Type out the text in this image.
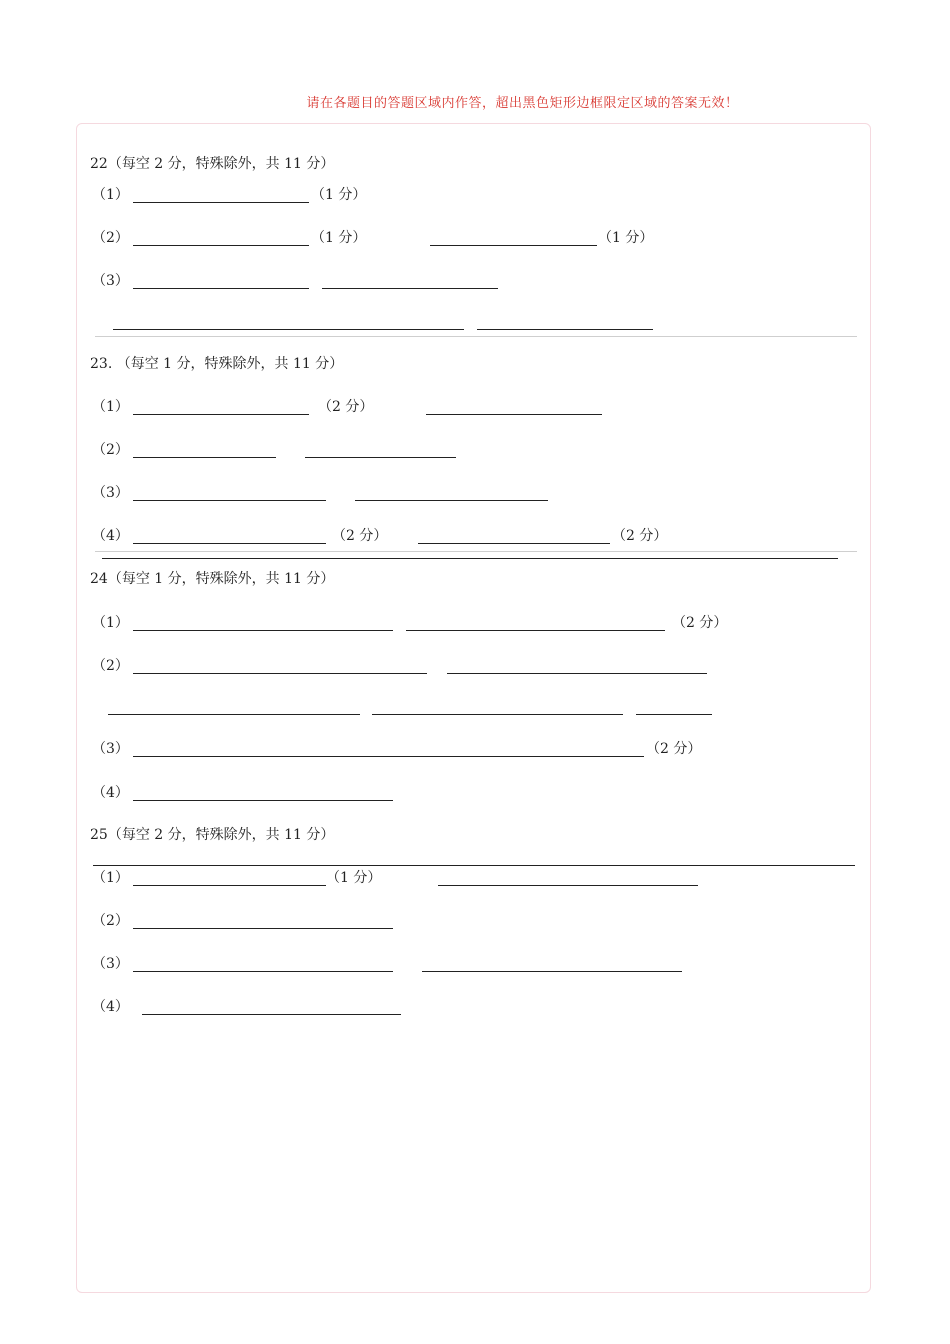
请在各题目的答题区域内作答，超出黑色矩形边框限定区域的答案无效！
22（每空 2 分，特殊除外，共 11 分）
（1）	（1 分）
（2）	（1 分）	（1 分）
（3）
23. （每空 1 分，特殊除外，共 11 分）
（1）	（2 分）
（2）
（3）
（4）	（2 分）	（2 分）
24（每空 1 分，特殊除外，共 11 分）
（1）	（2 分）
（2）
（3）	（2 分）
（4）
25（每空 2 分，特殊除外，共 11 分）
（1）	（1 分）
（2）
（3）
（4）
